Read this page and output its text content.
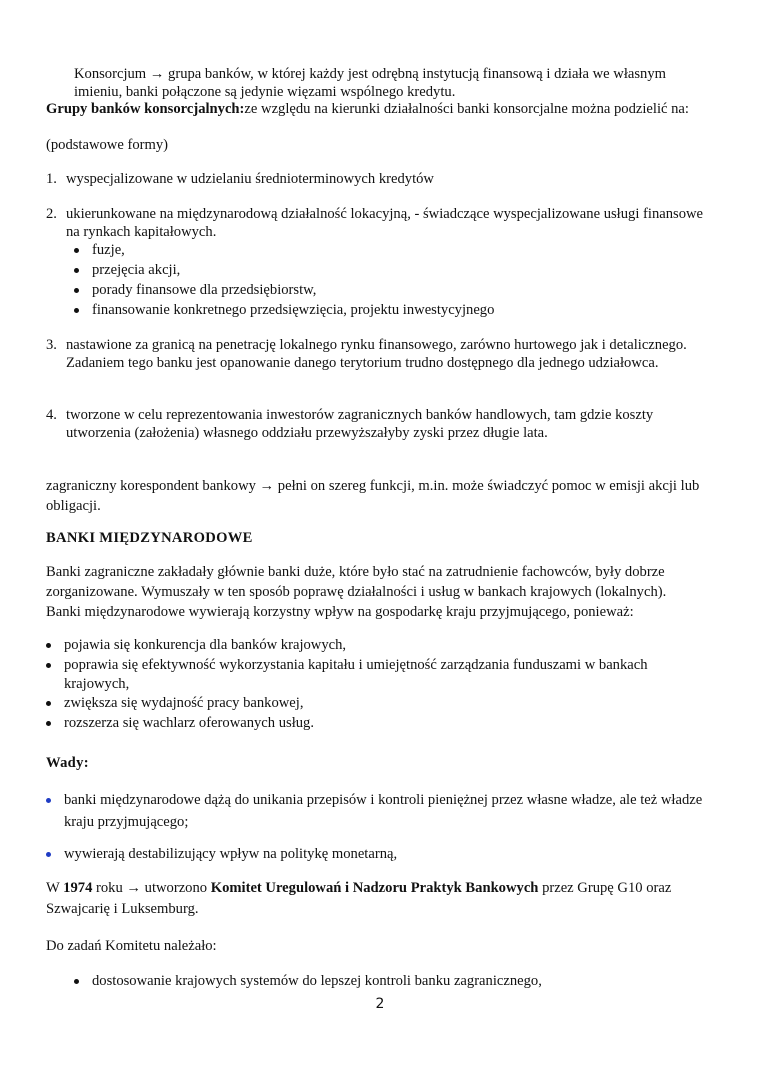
Konsorcjum → grupa banków, w której każdy jest odrębną instytucją finansową i działa we własnym
imieniu, banki połączone są jedynie więzami wspólnego kredytu.
Grupy banków konsorcjalnych:ze względu na kierunki działalności banki konsorcjalne można podzielić na:
(podstawowe formy)
1. wyspecjalizowane w udzielaniu średnioterminowych kredytów
2. ukierunkowane na międzynarodową działalność lokacyjną, - świadczące wyspecjalizowane usługi finansowe na rynkach kapitałowych.
fuzje,
przejęcia akcji,
porady finansowe dla przedsiębiorstw,
finansowanie konkretnego przedsięwzięcia, projektu inwestycyjnego
3. nastawione za granicą na penetrację lokalnego rynku finansowego, zarówno hurtowego jak i detalicznego. Zadaniem tego banku jest opanowanie danego terytorium trudno dostępnego dla jednego udziałowca.
4. tworzone w celu reprezentowania inwestorów zagranicznych banków handlowych, tam gdzie koszty utworzenia (założenia) własnego oddziału przewyższałyby zyski przez długie lata.
zagraniczny korespondent bankowy → pełni on szereg funkcji, m.in. może świadczyć pomoc w emisji akcji lub obligacji.
BANKI MIĘDZYNARODOWE
Banki zagraniczne zakładały głównie banki duże, które było stać na zatrudnienie fachowców, były dobrze zorganizowane. Wymuszały w ten sposób poprawę działalności i usług w bankach krajowych (lokalnych).
Banki międzynarodowe wywierają korzystny wpływ na gospodarkę kraju przyjmującego, ponieważ:
pojawia się konkurencja dla banków krajowych,
poprawia się efektywność wykorzystania kapitału i umiejętność zarządzania funduszami w bankach krajowych,
zwiększa się wydajność pracy bankowej,
rozszerza się wachlarz oferowanych usług.
Wady:
banki międzynarodowe dążą do unikania przepisów i kontroli pieniężnej przez własne władze, ale też władze kraju przyjmującego;
wywierają destabilizujący wpływ na politykę monetarną,
W 1974 roku → utworzono Komitet Uregulowań i Nadzoru Praktyk Bankowych przez Grupę G10 oraz Szwajcarię i Luksemburg.
Do zadań Komitetu należało:
dostosowanie krajowych systemów do lepszej kontroli banku zagranicznego,
2
